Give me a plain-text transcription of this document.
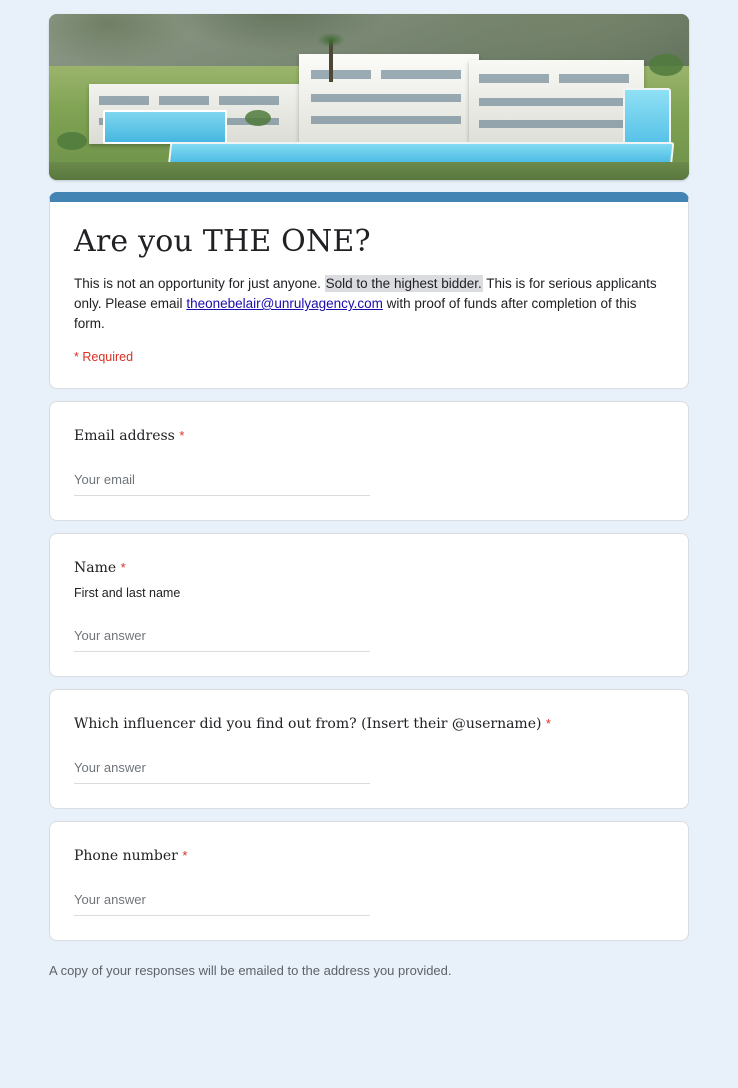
Are you THE ONE?

This is not an opportunity for just anyone. Sold to the highest bidder. This is for serious applicants only. Please email theonebelair@unrulyagency.com with proof of funds after completion of this form.

* Required

Email address *

Your email

Name *

First and last name

Your answer

Which influencer did you find out from? (Insert their @username) *

Your answer

Phone number *

Your answer
A copy of your responses will be emailed to the address you provided.
